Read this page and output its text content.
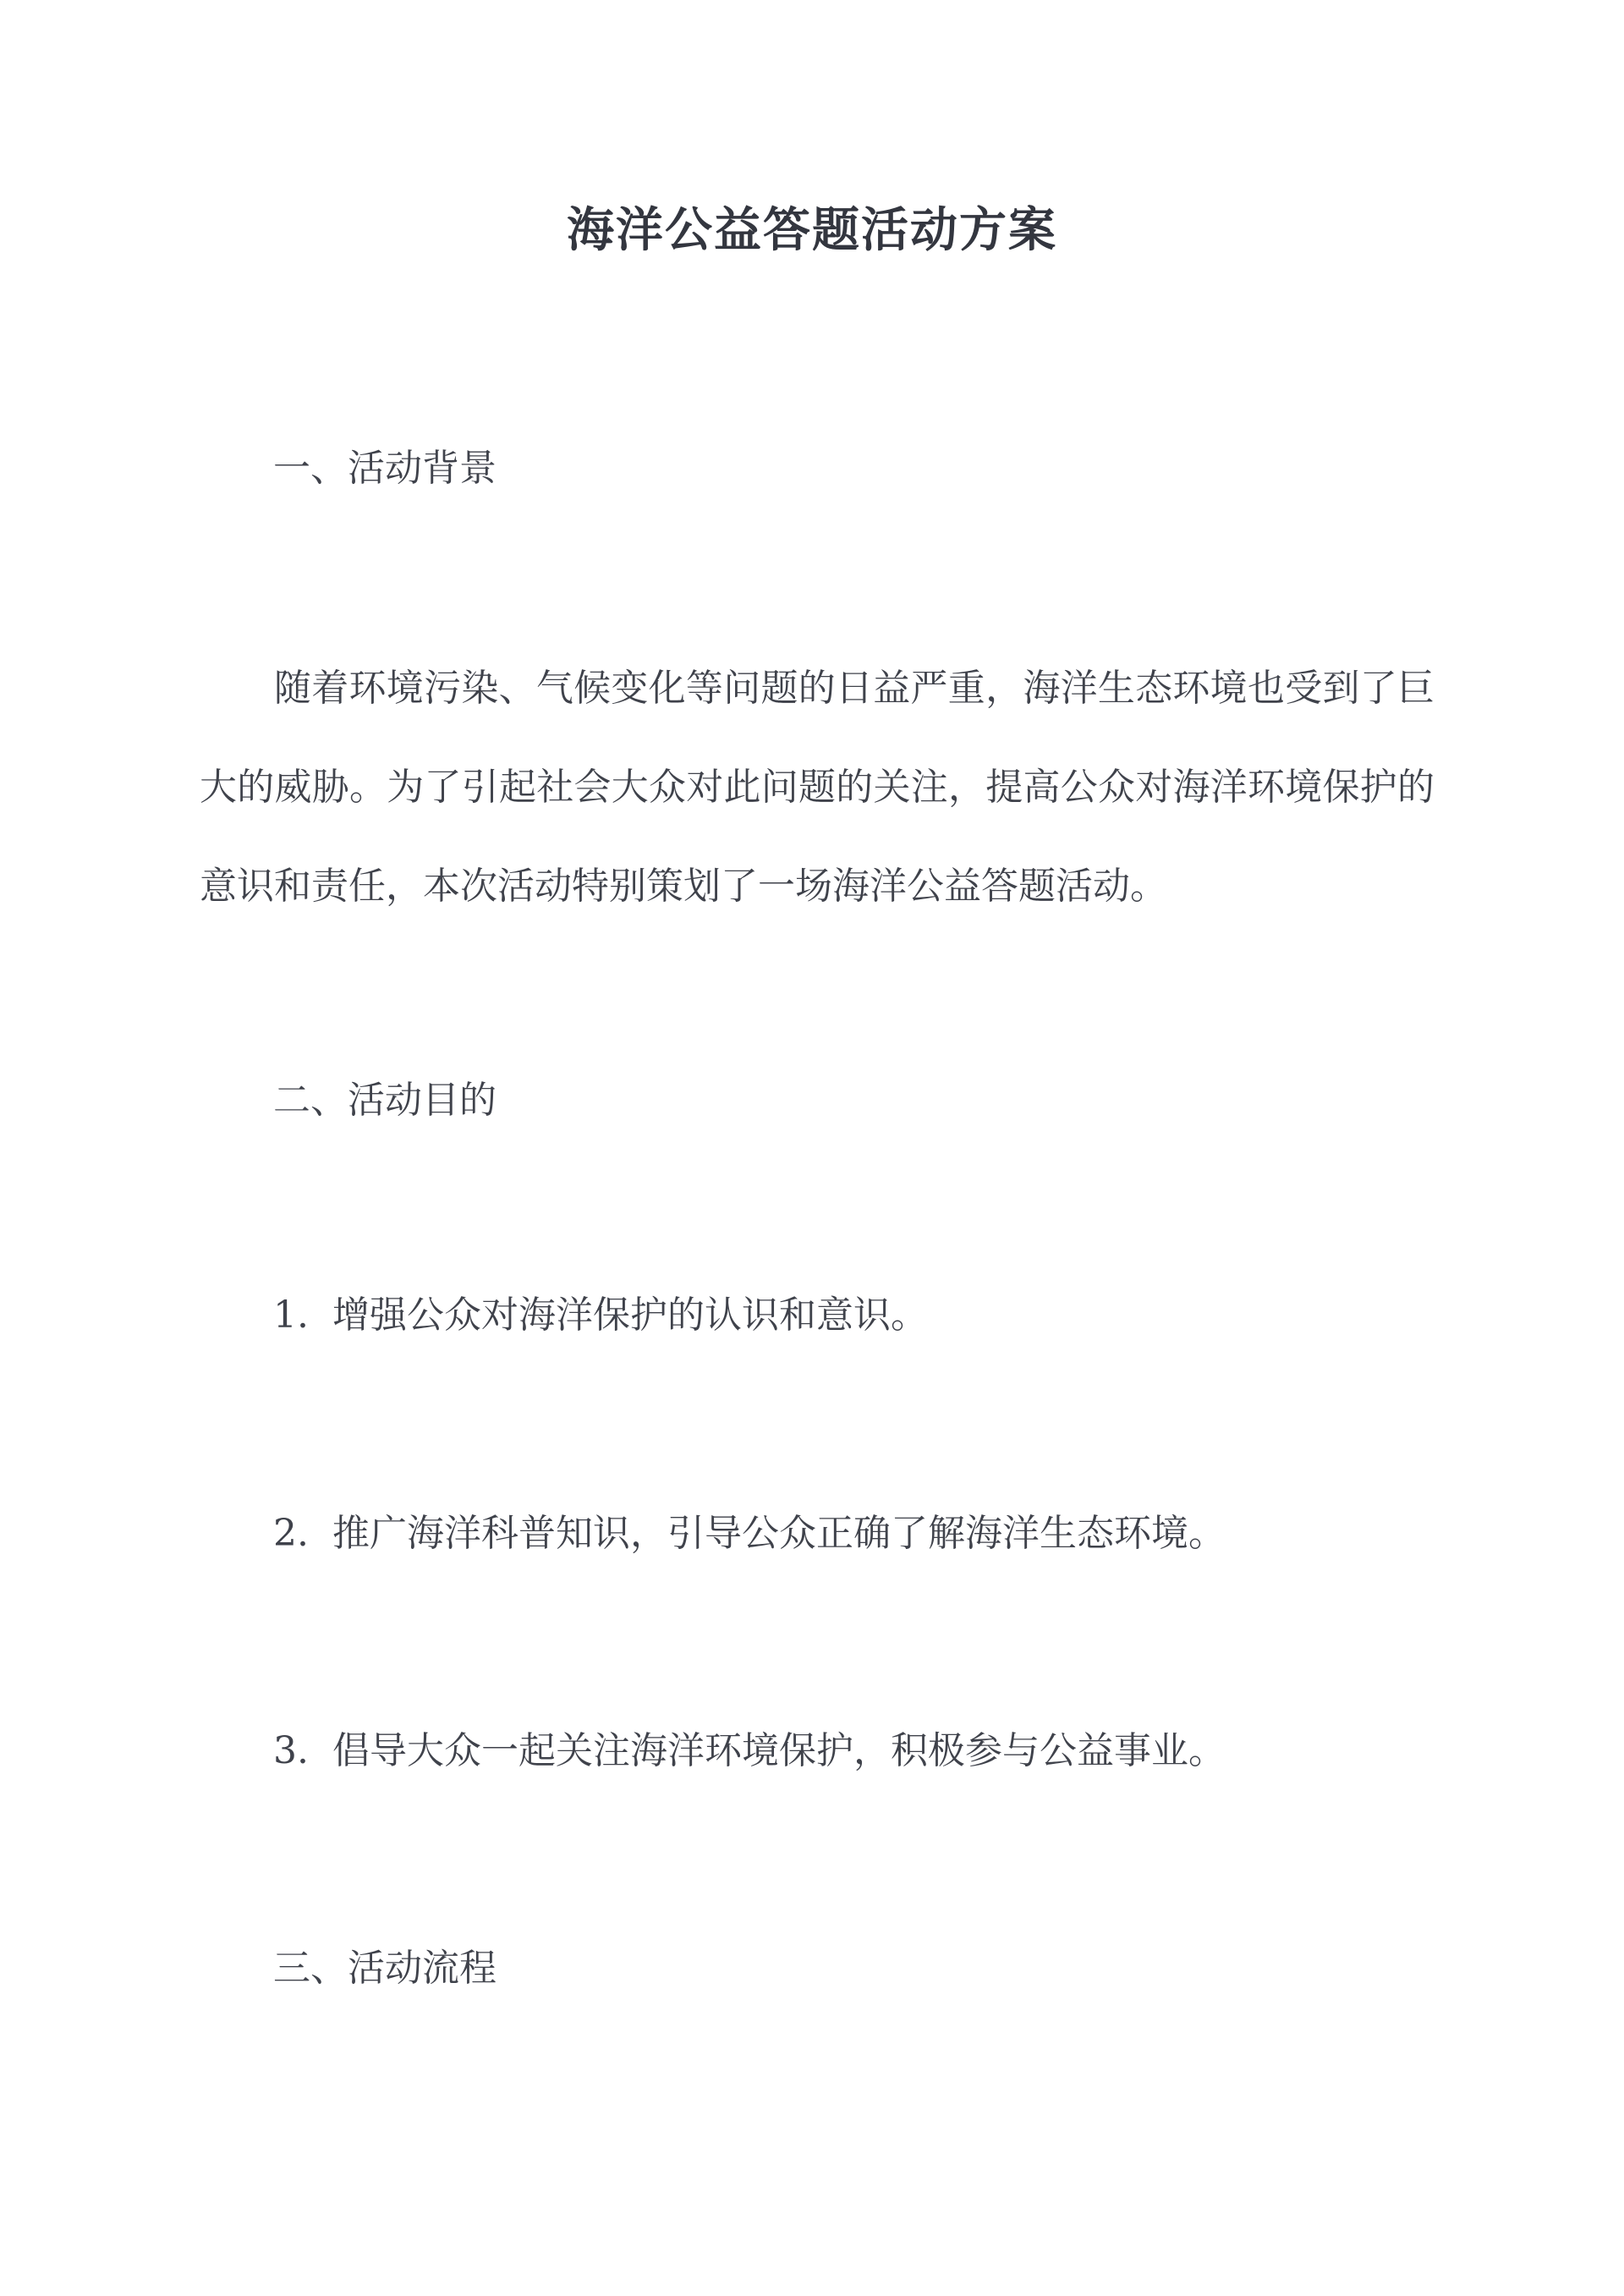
海洋公益答题活动方案
一、活动背景

随着环境污染、气候变化等问题的日益严重，海洋生态环境也受到了巨大的威胁。为了引起社会大众对此问题的关注，提高公众对海洋环境保护的意识和责任，本次活动特别策划了一场海洋公益答题活动。

二、活动目的
1. 增强公众对海洋保护的认识和意识。
2. 推广海洋科普知识，引导公众正确了解海洋生态环境。
3. 倡导大众一起关注海洋环境保护，积极参与公益事业。
三、活动流程
